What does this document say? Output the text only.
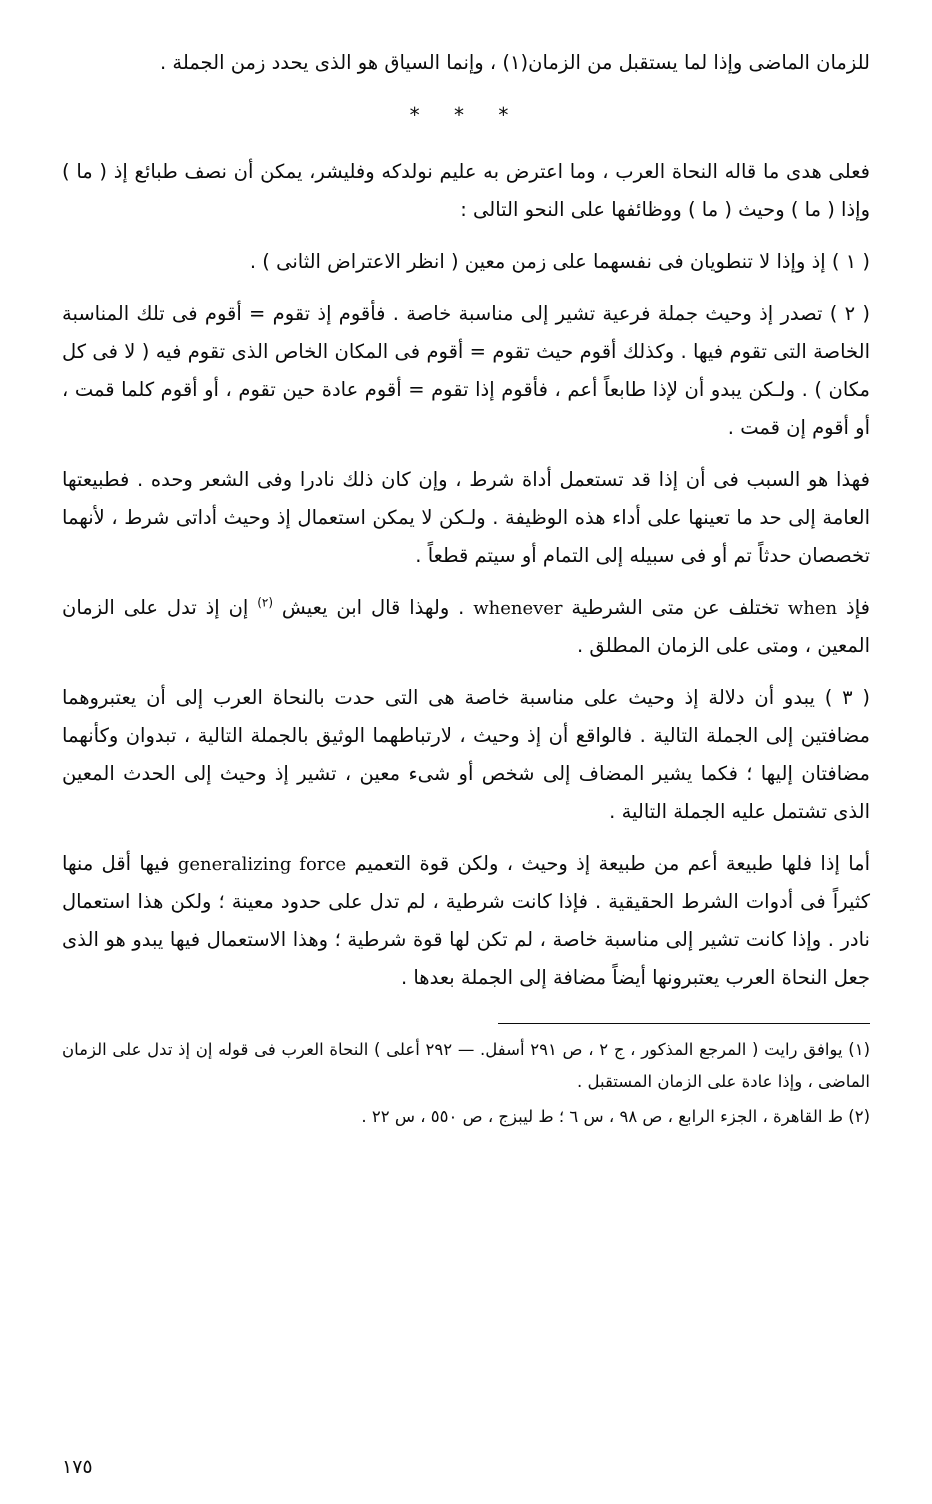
للزمان الماضى وإذا لما يستقبل من الزمان(١) ، وإنما السياق هو الذى يحدد زمن الجملة .

* * *

فعلى هدى ما قاله النحاة العرب ، وما اعترض به عليم نولدكه وفليشر، يمكن أن نصف طبائع إذ ( ما ) وإذا ( ما ) وحيث ( ما ) ووظائفها على النحو التالى :

( ١ ) إذ وإذا لا تنطويان فى نفسهما على زمن معين ( انظر الاعتراض الثانى ) .

( ٢ ) تصدر إذ وحيث جملة فرعية تشير إلى مناسبة خاصة . فأقوم إذ تقوم = أقوم فى تلك المناسبة الخاصة التى تقوم فيها . وكذلك أقوم حيث تقوم = أقوم فى المكان الخاص الذى تقوم فيه ( لا فى كل مكان ) . ولـكن يبدو أن لإذا طابعاً أعم ، فأقوم إذا تقوم = أقوم عادة حين تقوم ، أو أقوم كلما قمت ، أو أقوم إن قمت .

فهذا هو السبب فى أن إذا قد تستعمل أداة شرط ، وإن كان ذلك نادرا وفى الشعر وحده . فطبيعتها العامة إلى حد ما تعينها على أداء هذه الوظيفة . ولـكن لا يمكن استعمال إذ وحيث أداتى شرط ، لأنهما تخصصان حدثاً تم أو فى سبيله إلى التمام أو سيتم قطعاً .

فإذ when تختلف عن متى الشرطية whenever . ولهذا قال ابن يعيش $^{(٢)}$ إن إذ تدل على الزمان المعين ، ومتى على الزمان المطلق .

( ٣ ) يبدو أن دلالة إذ وحيث على مناسبة خاصة هى التى حدت بالنحاة العرب إلى أن يعتبروهما مضافتين إلى الجملة التالية . فالواقع أن إذ وحيث ، لارتباطهما الوثيق بالجملة التالية ، تبدوان وكأنهما مضافتان إليها ؛ فكما يشير المضاف إلى شخص أو شىء معين ، تشير إذ وحيث إلى الحدث المعين الذى تشتمل عليه الجملة التالية .

أما إذا فلها طبيعة أعم من طبيعة إذ وحيث ، ولكن قوة التعميم generalizing force فيها أقل منها كثيراً فى أدوات الشرط الحقيقية . فإذا كانت شرطية ، لم تدل على حدود معينة ؛ ولكن هذا استعمال نادر . وإذا كانت تشير إلى مناسبة خاصة ، لم تكن لها قوة شرطية ؛ وهذا الاستعمال فيها يبدو هو الذى جعل النحاة العرب يعتبرونها أيضاً مضافة إلى الجملة بعدها .

(١) يوافق رايت ( المرجع المذكور ، ج ٢ ، ص ٢٩١ أسفل. — ٢٩٢ أعلى ) النحاة العرب فى قوله إن إذ تدل على الزمان الماضى ، وإذا عادة على الزمان المستقبل .

(٢) ط القاهرة ، الجزء الرابع ، ص ٩٨ ، س ٦ ؛ ط ليبزج ، ص ٥٥٠ ، س ٢٢ .

١٧٥
